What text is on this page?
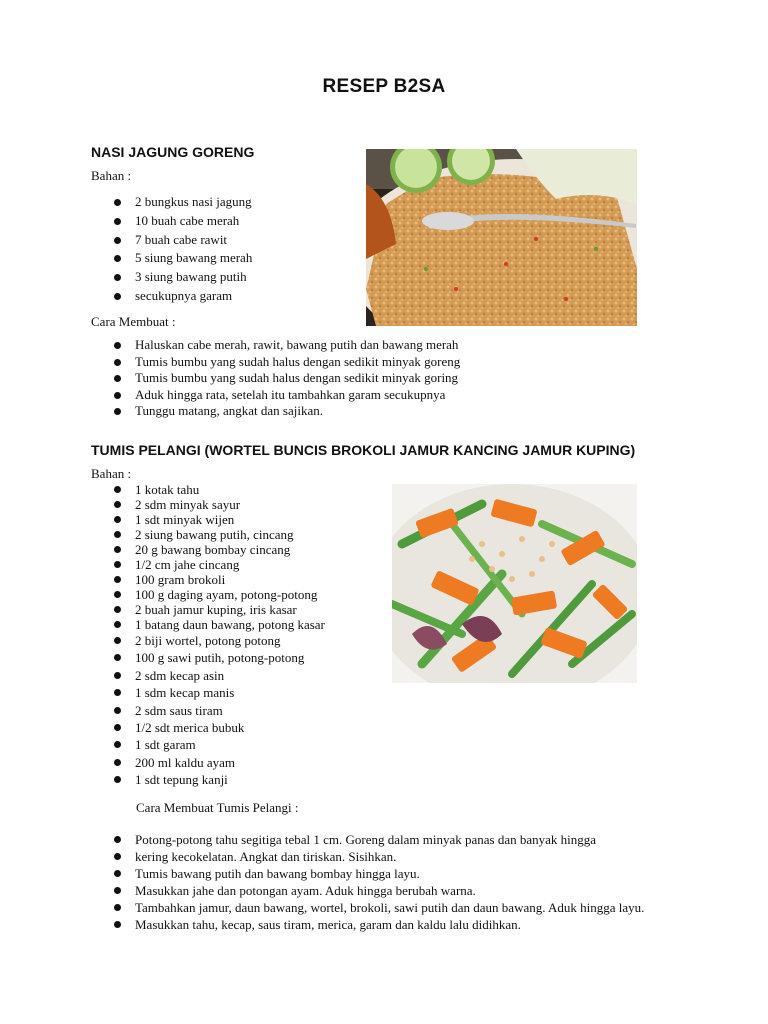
RESEP B2SA
NASI JAGUNG GORENG
Bahan :
2 bungkus nasi jagung
10 buah cabe merah
7 buah cabe rawit
5 siung bawang merah
3 siung bawang putih
secukupnya garam
Cara Membuat :
Haluskan cabe merah, rawit, bawang putih dan bawang merah
Tumis bumbu yang sudah halus dengan sedikit minyak goreng
Tumis bumbu yang sudah halus dengan sedikit minyak goring
Aduk hingga rata, setelah itu tambahkan garam secukupnya
Tunggu matang, angkat dan sajikan.
TUMIS PELANGI (WORTEL BUNCIS BROKOLI JAMUR KANCING JAMUR KUPING)
Bahan :
1 kotak tahu
2 sdm minyak sayur
1 sdt minyak wijen
2 siung bawang putih, cincang
20 g bawang bombay cincang
1/2 cm jahe cincang
100 gram brokoli
100 g daging ayam, potong-potong
2 buah jamur kuping, iris kasar
1 batang daun bawang, potong kasar
2 biji wortel, potong potong
100 g sawi putih, potong-potong
2 sdm kecap asin
1 sdm kecap manis
2 sdm saus tiram
1/2 sdt merica bubuk
1 sdt garam
200 ml kaldu ayam
1 sdt tepung kanji
Cara Membuat Tumis Pelangi :
Potong-potong tahu segitiga tebal 1 cm. Goreng dalam minyak panas dan banyak hingga
kering kecokelatan. Angkat dan tiriskan. Sisihkan.
Tumis bawang putih dan bawang bombay hingga layu.
Masukkan jahe dan potongan ayam. Aduk hingga berubah warna.
Tambahkan jamur, daun bawang, wortel, brokoli, sawi putih dan daun bawang. Aduk hingga layu.
Masukkan tahu, kecap, saus tiram, merica, garam dan kaldu lalu didihkan.
